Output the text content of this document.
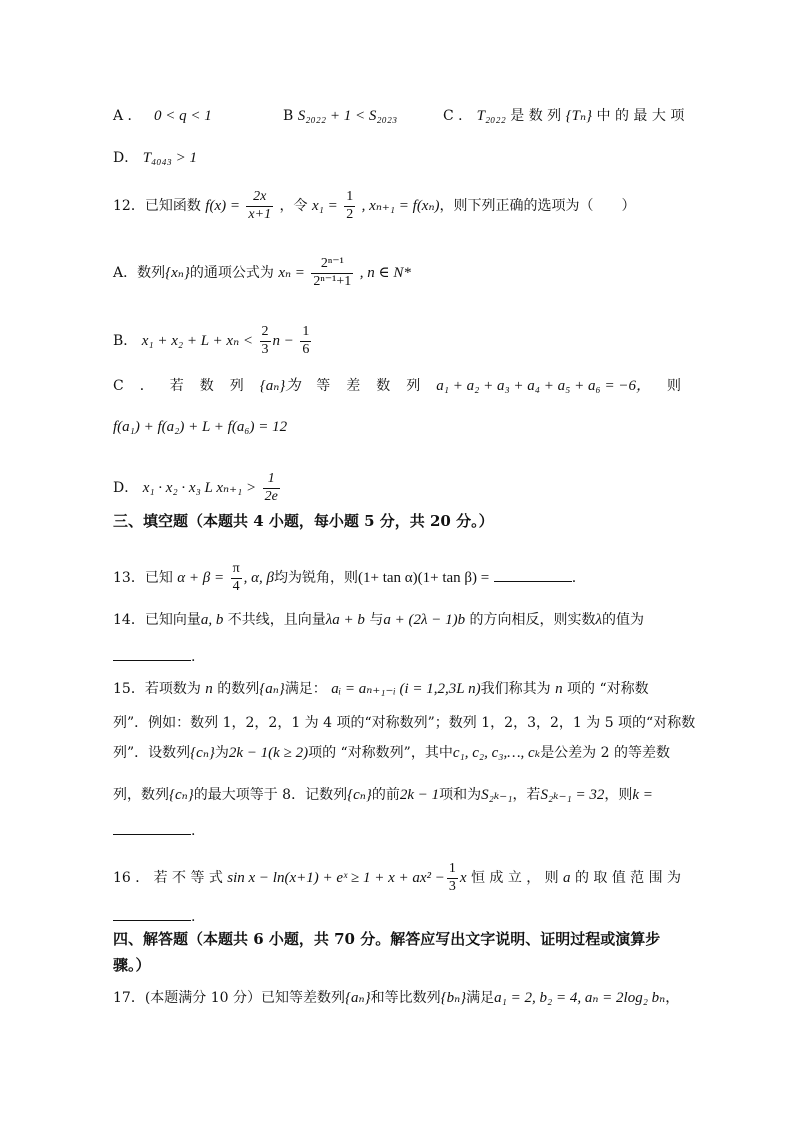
A ． 0 < q < 1	B S₂₀₂₂ + 1 < S₂₀₂₃	C ． T₂₀₂₂ 是 数 列 {Tₙ} 中 的 最 大 项
D． T₄₀₄₃ > 1
12．已知函数 $f(x) = \frac{2x}{x+1}$ ，令 $x_1 = \frac{1}{2}$ , xₙ₊₁ = f(xₙ)，则下列正确的选项为（　　）
A．数列{xₙ}的通项公式为 $x_n = \frac{\text{2ⁿ⁻¹}}{\text{2ⁿ⁻¹+1}}$ , n ∈ N*
B． $x_1 + x_2 + L + x_n < \frac{2}{3}$ $n - \frac{1}{6}$
C ． 若 数 列 {aₙ}为 等 差 数 列 a₁ + a₂ + a₃ + a₄ + a₅ + a₆ = −6， 则
f(a₁) + f(a₂) + L + f(a₆) = 12
D． x₁ · x₂ · x₃ L $x_{n+1} > \frac{1}{2e}$
三、填空题（本题共 4 小题，每小题 5 分，共 20 分。）
13．已知 $\alpha + \beta = \frac{\pi}{4}$ , α, β均为锐角，则(1+ tan α)(1+ tan β) =	.
14．已知向量a, b 不共线，且向量λa + b 与a + (2λ − 1)b 的方向相反，则实数λ的值为
.
15．若项数为 n 的数列{aₙ}满足： aᵢ = aₙ₊₁₋ᵢ (i = 1,2,3L n)我们称其为 n 项的 “对称数
列”．例如：数列 1，2，2，1 为 4 项的“对称数列”；数列 1，2，3，2，1 为 5 项的“对称数
列”．设数列{cₙ}为2k − 1(k ≥ 2)项的 “对称数列”，其中c₁, c₂, c₃,…, cₖ是公差为 2 的等差数
列，数列{cₙ}的最大项等于 8．记数列{cₙ}的前2k − 1项和为S₂ₖ₋₁，若S₂ₖ₋₁ = 32，则k =
.
16 ． 若 不 等 式 sin x − ln(x+1) + eˣ ≥ $1 + x + ax^2 - \frac{1}{3}$ x 恒 成 立 ， 则 a 的 取 值 范 围 为
.
四、解答题（本题共 6 小题，共 70 分。解答应写出文字说明、证明过程或演算步
骤。）
17．(本题满分 10 分）已知等差数列{aₙ}和等比数列{bₙ}满足a₁ = 2, b₂ = 4, aₙ = 2log₂ bₙ，
